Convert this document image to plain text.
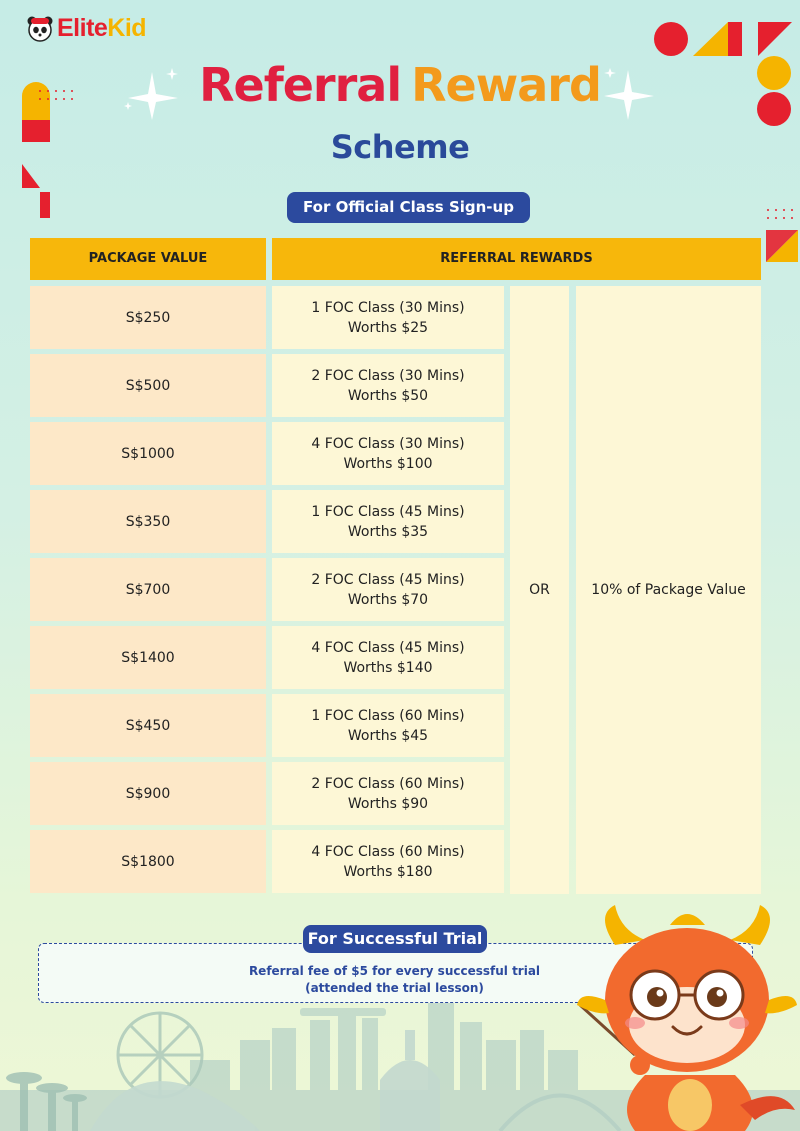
EliteKid
Referral Reward
Scheme
For Official Class Sign-up
PACKAGE VALUE	REFERRAL REWARDS
S$250
1 FOC Class (30 Mins)
Worths $25
S$500
2 FOC Class (30 Mins)
Worths $50
S$1000
4 FOC Class (30 Mins)
Worths $100
S$350
1 FOC Class (45 Mins)
Worths $35
S$700
2 FOC Class (45 Mins)
Worths $70
S$1400
4 FOC Class (45 Mins)
Worths $140
S$450
1 FOC Class (60 Mins)
Worths $45
S$900
2 FOC Class (60 Mins)
Worths $90
S$1800
4 FOC Class (60 Mins)
Worths $180
OR	10% of Package Value
For Successful Trial
Referral fee of $5 for every successful trial
(attended the trial lesson)
